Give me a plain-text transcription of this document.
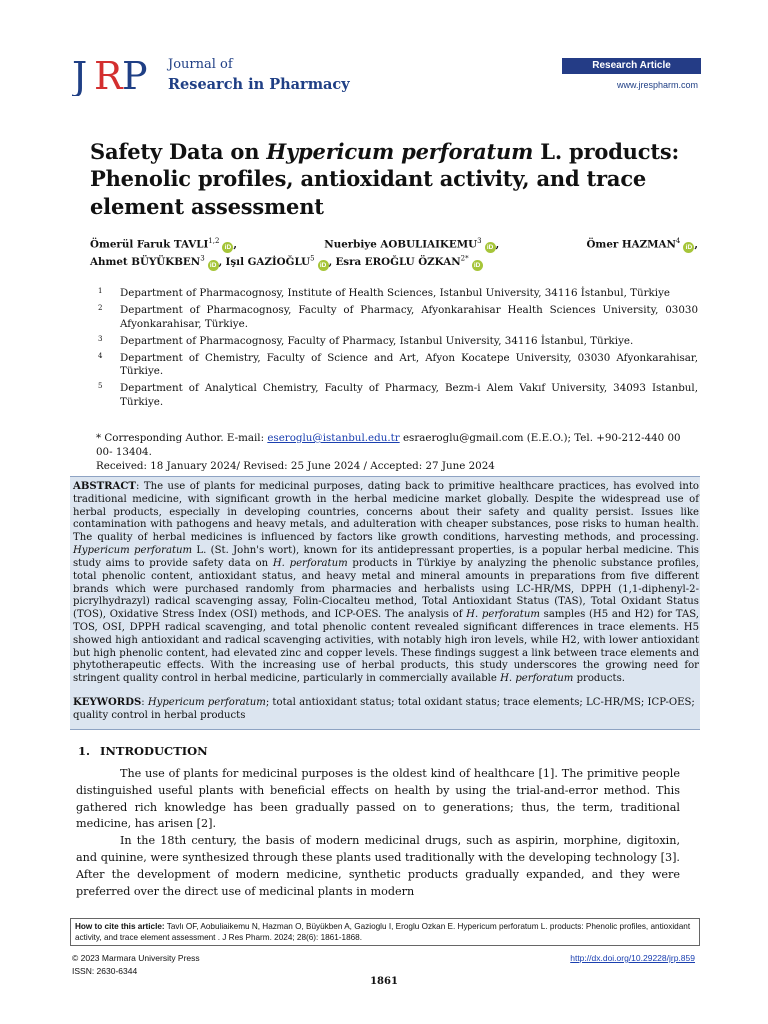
J R P Journal of
Research in Pharmacy
Research Article
www.jrespharm.com
Safety Data on Hypericum perforatum L. products: Phenolic profiles, antioxidant activity, and trace element assessment
Ömerül Faruk TAVLI$^{1,2}$iD ,	Nuerbiye AOBULIAIKEMU$^3$iD ,	Ömer HAZMAN$^4$iD ,
Ahmet BÜYÜKBEN$^3$iD , Işıl GAZİOĞLU$^5$iD , Esra EROĞLU $ÖZKAN^{2*}iD$
1	Department of Pharmacognosy, Institute of Health Sciences, Istanbul University, 34116 İstanbul, Türkiye
2	Department of Pharmacognosy, Faculty of Pharmacy, Afyonkarahisar Health Sciences University, 03030 Afyonkarahisar, Türkiye.
3	Department of Pharmacognosy, Faculty of Pharmacy, Istanbul University, 34116 İstanbul, Türkiye.
4	Department of Chemistry, Faculty of Science and Art, Afyon Kocatepe University, 03030 Afyonkarahisar, Türkiye.
5	Department of Analytical Chemistry, Faculty of Pharmacy, Bezm-i Alem Vakıf University, 34093 Istanbul, Türkiye.
* Corresponding Author. E-mail: eseroglu@istanbul.edu.tr esraeroglu@gmail.com (E.E.O.); Tel. +90-212-440 00 00- 13404.
Received: 18 January 2024/ Revised: 25 June 2024 / Accepted: 27 June 2024
ABSTRACT: The use of plants for medicinal purposes, dating back to primitive healthcare practices, has evolved into traditional medicine, with significant growth in the herbal medicine market globally. Despite the widespread use of herbal products, especially in developing countries, concerns about their safety and quality persist. Issues like contamination with pathogens and heavy metals, and adulteration with cheaper substances, pose risks to human health. The quality of herbal medicines is influenced by factors like growth conditions, harvesting methods, and processing. Hypericum perforatum L. (St. John's wort), known for its antidepressant properties, is a popular herbal medicine. This study aims to provide safety data on H. perforatum products in Türkiye by analyzing the phenolic substance profiles, total phenolic content, antioxidant status, and heavy metal and mineral amounts in preparations from five different brands which were purchased randomly from pharmacies and herbalists using LC-HR/MS, DPPH (1,1-diphenyl-2-picrylhydrazyl) radical scavenging assay, Folin-Ciocalteu method, Total Antioxidant Status (TAS), Total Oxidant Status (TOS), Oxidative Stress Index (OSI) methods, and ICP-OES. The analysis of H. perforatum samples (H5 and H2) for TAS, TOS, OSI, DPPH radical scavenging, and total phenolic content revealed significant differences in trace elements. H5 showed high antioxidant and radical scavenging activities, with notably high iron levels, while H2, with lower antioxidant but high phenolic content, had elevated zinc and copper levels. These findings suggest a link between trace elements and phytotherapeutic effects. With the increasing use of herbal products, this study underscores the growing need for stringent quality control in herbal medicine, particularly in commercially available H. perforatum products.
KEYWORDS: Hypericum perforatum; total antioxidant status; total oxidant status; trace elements; LC-HR/MS; ICP-OES; quality control in herbal products
1. INTRODUCTION

The use of plants for medicinal purposes is the oldest kind of healthcare [1]. The primitive people distinguished useful plants with beneficial effects on health by using the trial-and-error method. This gathered rich knowledge has been gradually passed on to generations; thus, the term, traditional medicine, has arisen [2].

In the 18th century, the basis of modern medicinal drugs, such as aspirin, morphine, digitoxin, and quinine, were synthesized through these plants used traditionally with the developing technology [3]. After the development of modern medicine, synthetic products gradually expanded, and they were preferred over the direct use of medicinal plants in modern

How to cite this article: Tavlı OF, Aobuliaikemu N, Hazman O, Büyükben A, Gazioglu I, Eroglu Ozkan E. Hypericum perforatum L. products: Phenolic profiles, antioxidant activity, and trace element assessment . J Res Pharm. 2024; 28(6): 1861-1868.
© 2023 Marmara University Press
ISSN: 2630-6344
http://dx.doi.org/10.29228/jrp.859
1861
